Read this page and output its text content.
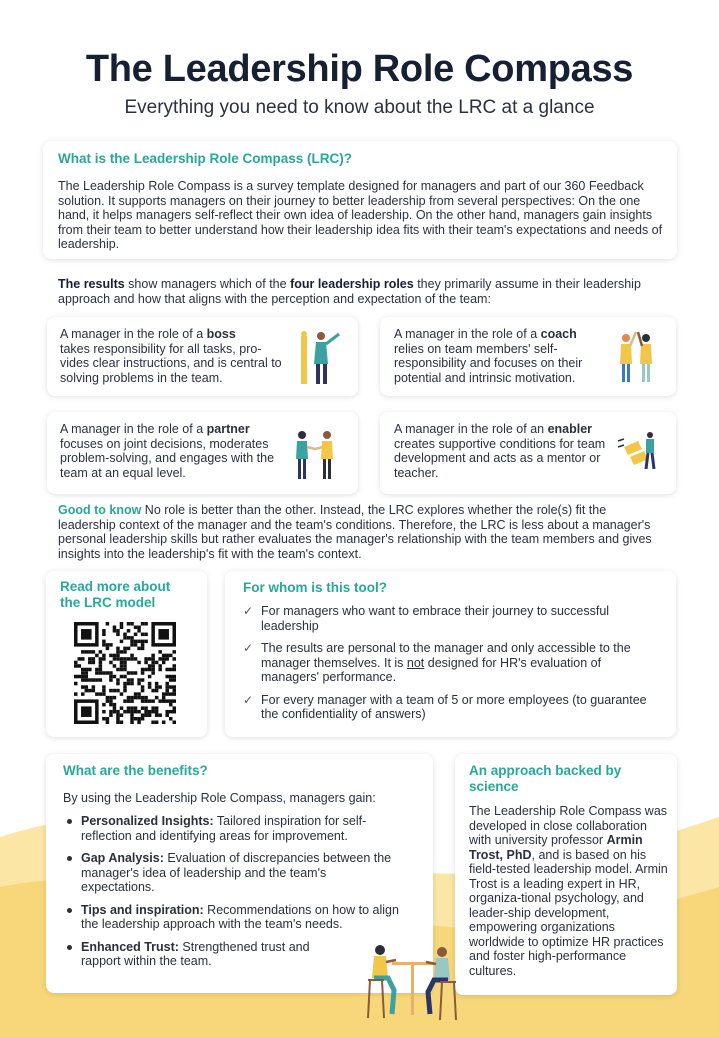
The Leadership Role Compass
Everything you need to know about the LRC at a glance
What is the Leadership Role Compass (LRC)?
The Leadership Role Compass is a survey template designed for managers and part of our 360 Feedback solution. It supports managers on their journey to better leadership from several perspectives: On the one hand, it helps managers self-reflect their own idea of leadership. On the other hand, managers gain insights from their team to better understand how their leadership idea fits with their team's expectations and needs of leadership.
The results show managers which of the four leadership roles they primarily assume in their leadership approach and how that aligns with the perception and expectation of the team:
A manager in the role of a boss
takes responsibility for all tasks, pro-vides clear instructions, and is central to solving problems in the team.
A manager in the role of a coach
relies on team members' self-responsibility and focuses on their potential and intrinsic motivation.
A manager in the role of a partner
focuses on joint decisions, moderates problem-solving, and engages with the team at an equal level.
A manager in the role of an enabler
creates supportive conditions for team development and acts as a mentor or teacher.
Good to know No role is better than the other. Instead, the LRC explores whether the role(s) fit the leadership context of the manager and the team's conditions. Therefore, the LRC is less about a manager's personal leadership skills but rather evaluates the manager's relationship with the team members and gives insights into the leadership's fit with the team's context.
Read more about the LRC model
For whom is this tool?
✓ For managers who want to embrace their journey to successful leadership
✓ The results are personal to the manager and only accessible to the manager themselves. It is not designed for HR's evaluation of managers' performance.
✓ For every manager with a team of 5 or more employees (to guarantee the confidentiality of answers)
What are the benefits?
By using the Leadership Role Compass, managers gain:
Personalized Insights: Tailored inspiration for self-reflection and identifying areas for improvement.
Gap Analysis: Evaluation of discrepancies between the manager's idea of leadership and the team's expectations.
Tips and inspiration: Recommendations on how to align the leadership approach with the team's needs.
Enhanced Trust: Strengthened trust and rapport within the team.
An approach backed by science
The Leadership Role Compass was developed in close collaboration with university professor Armin Trost, PhD, and is based on his field-tested leadership model. Armin Trost is a leading expert in HR, organiza-tional psychology, and leader-ship development, empowering organizations worldwide to optimize HR practices and foster high-performance cultures.
